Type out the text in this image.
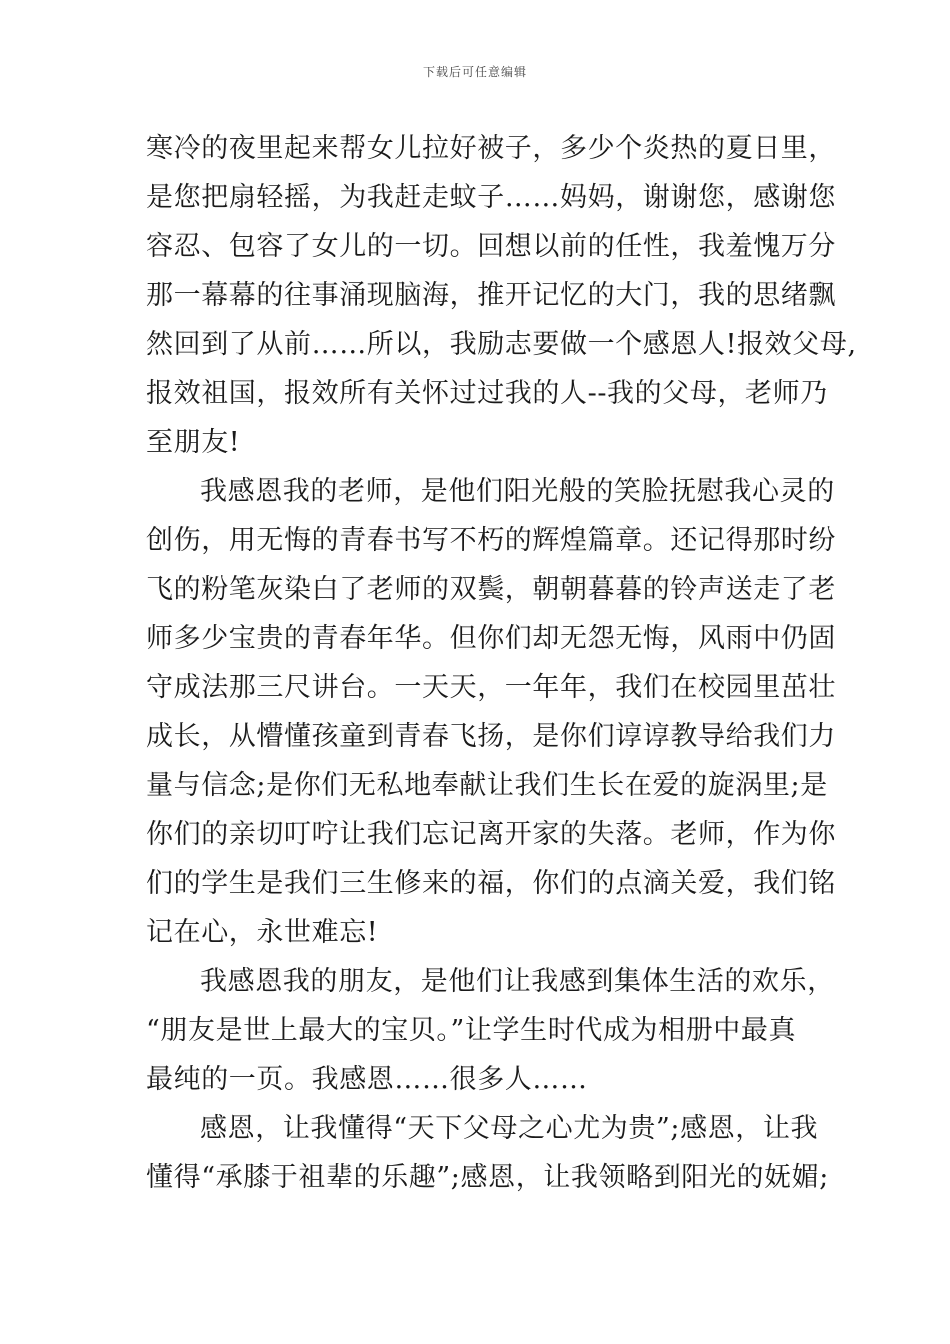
下载后可任意编辑
寒冷的夜里起来帮女儿拉好被子，多少个炎热的夏日里，
是您把扇轻摇，为我赶走蚊子……妈妈，谢谢您，感谢您
容忍、包容了女儿的一切。回想以前的任性，我羞愧万分
那一幕幕的往事涌现脑海，推开记忆的大门，我的思绪飘
然回到了从前……所以，我励志要做一个感恩人!报效父母,
报效祖国，报效所有关怀过过我的人--我的父母，老师乃
至朋友!
我感恩我的老师，是他们阳光般的笑脸抚慰我心灵的
创伤，用无悔的青春书写不朽的辉煌篇章。还记得那时纷
飞的粉笔灰染白了老师的双鬓，朝朝暮暮的铃声送走了老
师多少宝贵的青春年华。但你们却无怨无悔，风雨中仍固
守成法那三尺讲台。一天天，一年年，我们在校园里茁壮
成长，从懵懂孩童到青春飞扬，是你们谆谆教导给我们力
量与信念;是你们无私地奉献让我们生长在爱的旋涡里;是
你们的亲切叮咛让我们忘记离开家的失落。老师，作为你
们的学生是我们三生修来的福，你们的点滴关爱，我们铭
记在心，永世难忘!
我感恩我的朋友，是他们让我感到集体生活的欢乐，
“朋友是世上最大的宝贝。”让学生时代成为相册中最真
最纯的一页。我感恩……很多人……
感恩，让我懂得“天下父母之心尤为贵”;感恩，让我
懂得“承膝于祖辈的乐趣”;感恩，让我领略到阳光的妩媚;
